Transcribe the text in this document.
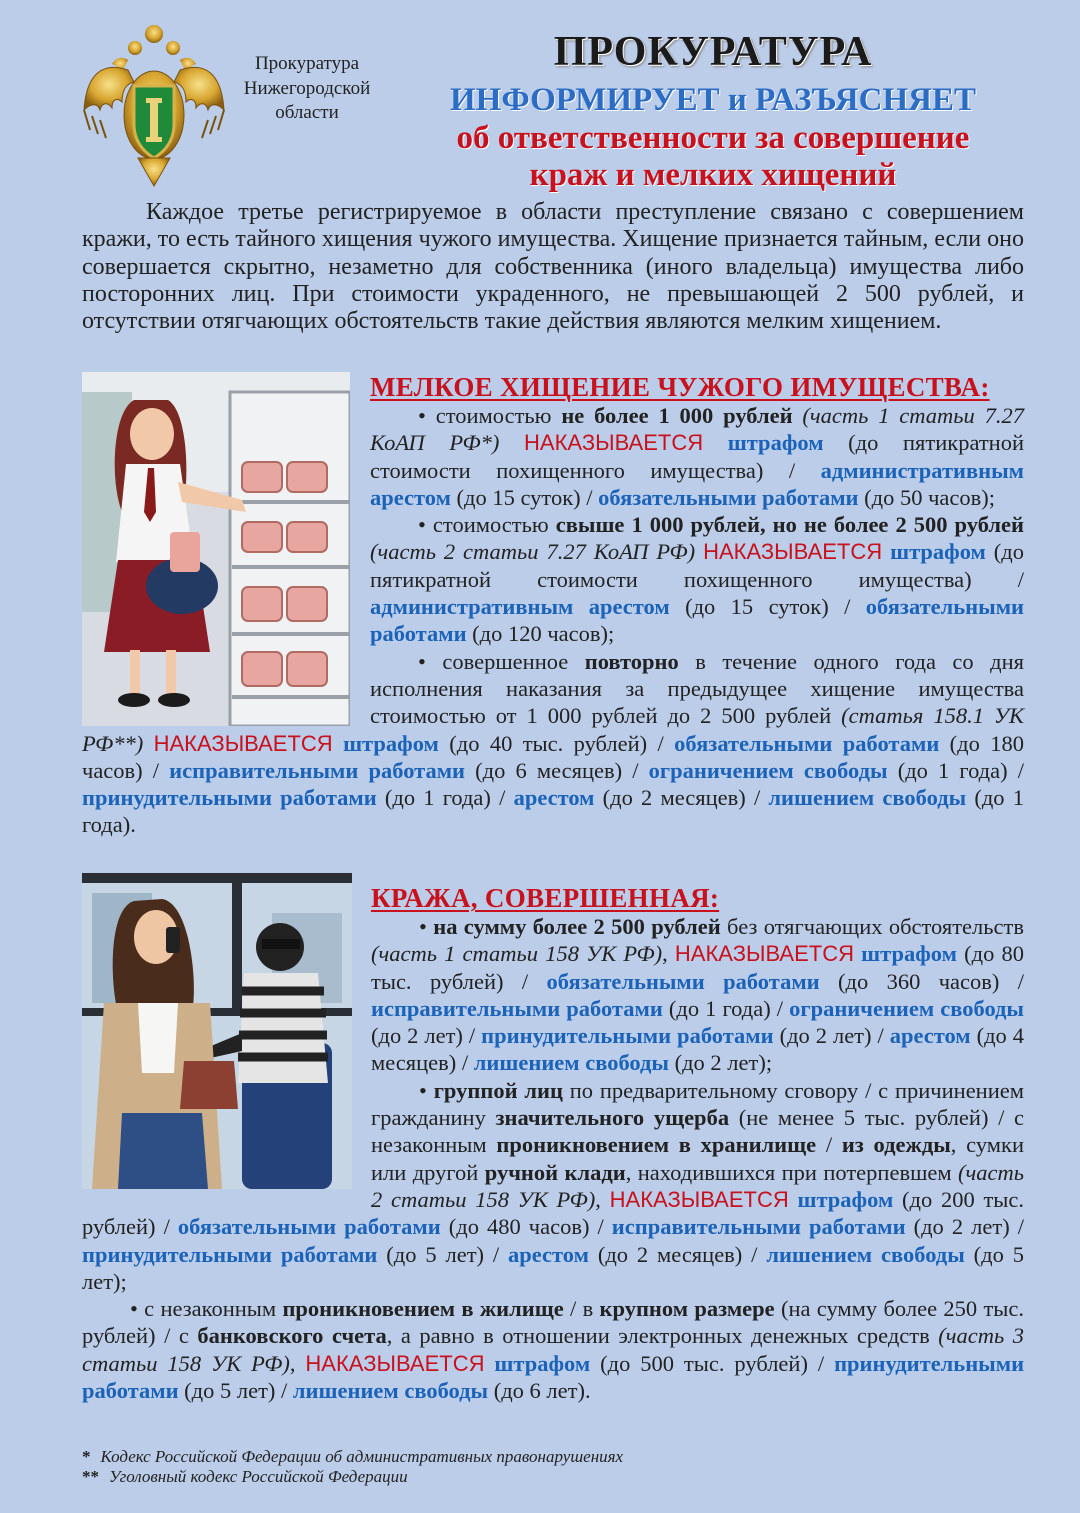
Прокуратура
Нижегородской
области
ПРОКУРАТУРА
ИНФОРМИРУЕТ и РАЗЪЯСНЯЕТ
об ответственности за совершение
краж и мелких хищений

Каждое третье регистрируемое в области преступление связано с совершением кражи, то есть тайного хищения чужого имущества. Хищение признается тайным, если оно совершается скрытно, незаметно для собственника (иного владельца) имущества либо посторонних лиц. При стоимости украденного, не превышающей 2 500 рублей, и отсутствии отягчающих обстоятельств такие действия являются мелким хищением.

МЕЛКОЕ ХИЩЕНИЕ ЧУЖОГО ИМУЩЕСТВА:
• стоимостью не более 1 000 рублей (часть 1 статьи 7.27 КоАП РФ*) НАКАЗЫВАЕТСЯ штрафом (до пятикратной стоимости похищенного имущества) / административным арестом (до 15 суток) / обязательными работами (до 50 часов);
• стоимостью свыше 1 000 рублей, но не более 2 500 рублей (часть 2 статьи 7.27 КоАП РФ) НАКАЗЫВАЕТСЯ штрафом (до пятикратной стоимости похищенного имущества) / административным арестом (до 15 суток) / обязательными работами (до 120 часов);
• совершенное повторно в течение одного года со дня исполнения наказания за предыдущее хищение имущества стоимостью от 1 000 рублей до 2 500 рублей (статья 158.1 УК РФ**) НАКАЗЫВАЕТСЯ штрафом (до 40 тыс. рублей) / обязательными работами (до 180 часов) / исправительными работами (до 6 месяцев) / ограничением свободы (до 1 года) / принудительными работами (до 1 года) / арестом (до 2 месяцев) / лишением свободы (до 1 года).
КРАЖА, СОВЕРШЕННАЯ:
• на сумму более 2 500 рублей без отягчающих обстоятельств (часть 1 статьи 158 УК РФ), НАКАЗЫВАЕТСЯ штрафом (до 80 тыс. рублей) / обязательными работами (до 360 часов) / исправительными работами (до 1 года) / ограничением свободы (до 2 лет) / принудительными работами (до 2 лет) / арестом (до 4 месяцев) / лишением свободы (до 2 лет);
• группой лиц по предварительному сговору / с причинением гражданину значительного ущерба (не менее 5 тыс. рублей) / с незаконным проникновением в хранилище / из одежды, сумки или другой ручной клади, находившихся при потерпевшем (часть 2 статьи 158 УК РФ), НАКАЗЫВАЕТСЯ штрафом (до 200 тыс. рублей) / обязательными работами (до 480 часов) / исправительными работами (до 2 лет) / принудительными работами (до 5 лет) / арестом (до 2 месяцев) / лишением свободы (до 5 лет);
• с незаконным проникновением в жилище / в крупном размере (на сумму более 250 тыс. рублей) / с банковского счета, а равно в отношении электронных денежных средств (часть 3 статьи 158 УК РФ), НАКАЗЫВАЕТСЯ штрафом (до 500 тыс. рублей) / принудительными работами (до 5 лет) / лишением свободы (до 6 лет).
* Кодекс Российской Федерации об административных правонарушениях
** Уголовный кодекс Российской Федерации
